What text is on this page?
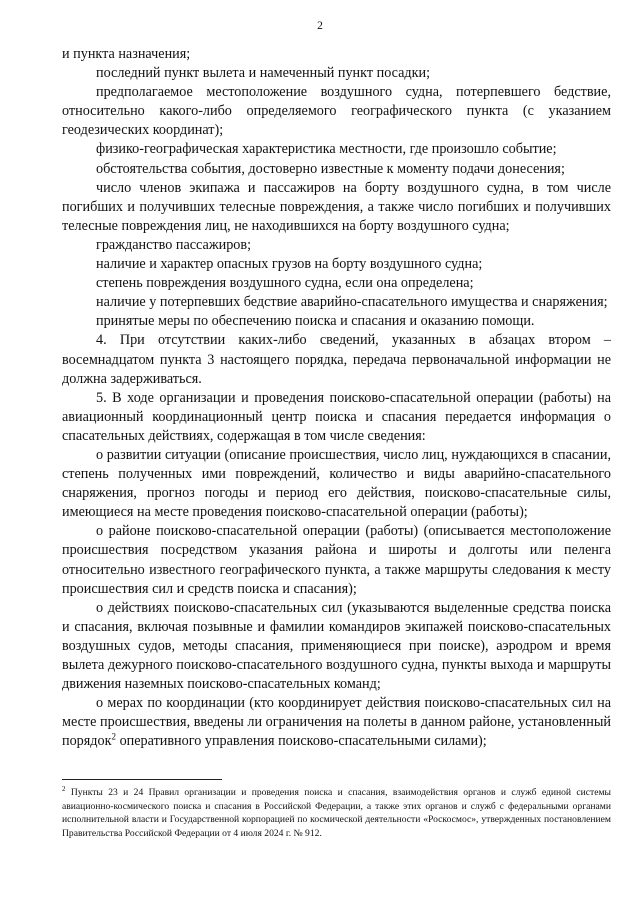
2

и пункта назначения;

последний пункт вылета и намеченный пункт посадки;

предполагаемое местоположение воздушного судна, потерпевшего бедствие, относительно какого-либо определяемого географического пункта (с указанием геодезических координат);

физико-географическая характеристика местности, где произошло событие;

обстоятельства события, достоверно известные к моменту подачи донесения;

число членов экипажа и пассажиров на борту воздушного судна, в том числе погибших и получивших телесные повреждения, а также число погибших и получивших телесные повреждения лиц, не находившихся на борту воздушного судна;

гражданство пассажиров;

наличие и характер опасных грузов на борту воздушного судна;

степень повреждения воздушного судна, если она определена;

наличие у потерпевших бедствие аварийно-спасательного имущества и снаряжения;

принятые меры по обеспечению поиска и спасания и оказанию помощи.

4. При отсутствии каких-либо сведений, указанных в абзацах втором – восемнадцатом пункта 3 настоящего порядка, передача первоначальной информации не должна задерживаться.

5. В ходе организации и проведения поисково-спасательной операции (работы) на авиационный координационный центр поиска и спасания передается информация о спасательных действиях, содержащая в том числе сведения:

о развитии ситуации (описание происшествия, число лиц, нуждающихся в спасании, степень полученных ими повреждений, количество и виды аварийно-спасательного снаряжения, прогноз погоды и период его действия, поисково-спасательные силы, имеющиеся на месте проведения поисково-спасательной операции (работы);

о районе поисково-спасательной операции (работы) (описывается местоположение происшествия посредством указания района и широты и долготы или пеленга относительно известного географического пункта, а также маршруты следования к месту происшествия сил и средств поиска и спасания);

о действиях поисково-спасательных сил (указываются выделенные средства поиска и спасания, включая позывные и фамилии командиров экипажей поисково-спасательных воздушных судов, методы спасания, применяющиеся при поиске), аэродром и время вылета дежурного поисково-спасательного воздушного судна, пункты выхода и маршруты движения наземных поисково-спасательных команд;

о мерах по координации (кто координирует действия поисково-спасательных сил на месте происшествия, введены ли ограничения на полеты в данном районе, установленный порядок$^2$ оперативного управления поисково-спасательными силами);

$^2$ Пункты 23 и 24 Правил организации и проведения поиска и спасания, взаимодействия органов и служб единой системы авиационно-космического поиска и спасания в Российской Федерации, а также этих органов и служб с федеральными органами исполнительной власти и Государственной корпорацией по космической деятельности «Роскосмос», утвержденных постановлением Правительства Российской Федерации от 4 июля 2024 г. № 912.
